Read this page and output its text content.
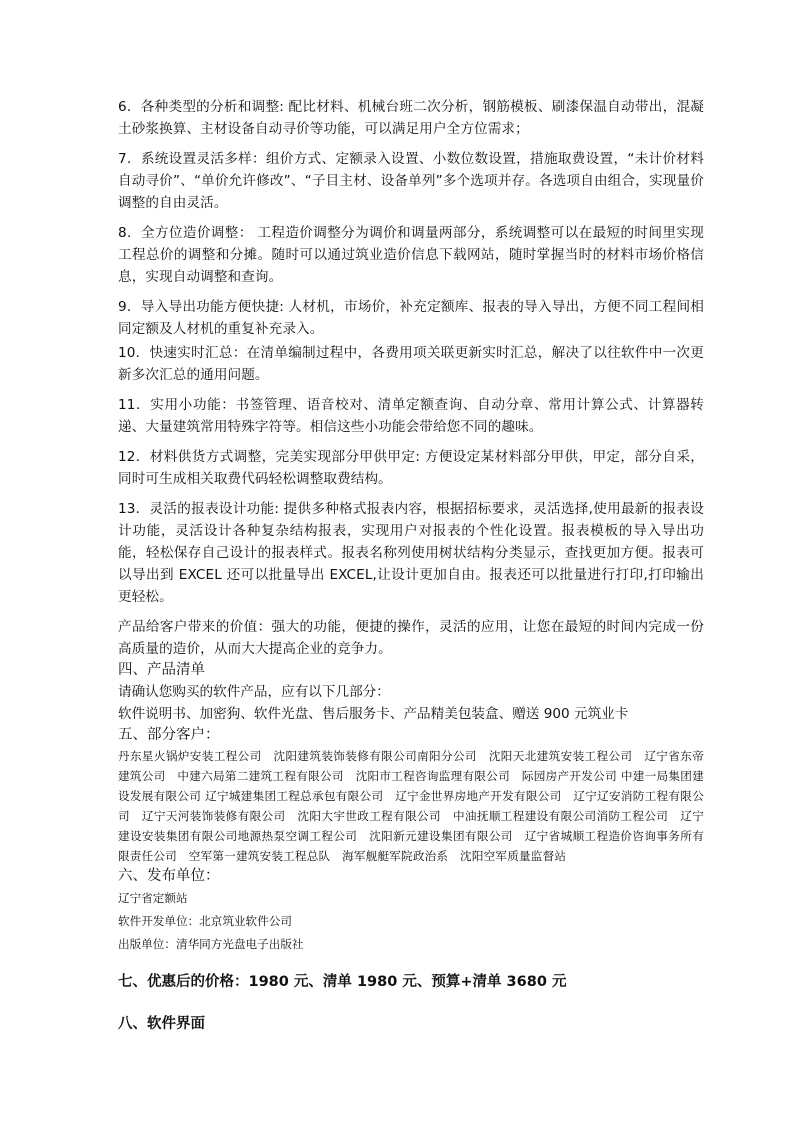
6．各种类型的分析和调整: 配比材料、机械台班二次分析，钢筋模板、刷漆保温自动带出，混凝土砂浆换算、主材设备自动寻价等功能，可以满足用户全方位需求；

7．系统设置灵活多样：组价方式、定额录入设置、小数位数设置，措施取费设置，“未计价材料自动寻价”、“单价允许修改”、“子目主材、设备单列”多个选项并存。各选项自由组合，实现量价调整的自由灵活。

8．全方位造价调整： 工程造价调整分为调价和调量两部分，系统调整可以在最短的时间里实现工程总价的调整和分摊。随时可以通过筑业造价信息下载网站，随时掌握当时的材料市场价格信息，实现自动调整和查询。

9．导入导出功能方便快捷: 人材机，市场价，补充定额库、报表的导入导出，方便不同工程间相同定额及人材机的重复补充录入。

10．快速实时汇总：在清单编制过程中，各费用项关联更新实时汇总，解决了以往软件中一次更新多次汇总的通用问题。

11．实用小功能：书签管理、语音校对、清单定额查询、自动分章、常用计算公式、计算器转递、大量建筑常用特殊字符等。相信这些小功能会带给您不同的趣味。

12．材料供货方式调整，完美实现部分甲供甲定: 方便设定某材料部分甲供，甲定，部分自采，同时可生成相关取费代码轻松调整取费结构。

13．灵活的报表设计功能: 提供多种格式报表内容，根据招标要求，灵活选择,使用最新的报表设计功能，灵活设计各种复杂结构报表，实现用户对报表的个性化设置。报表模板的导入导出功能，轻松保存自己设计的报表样式。报表名称列使用树状结构分类显示，查找更加方便。报表可以导出到 EXCEL 还可以批量导出 EXCEL,让设计更加自由。报表还可以批量进行打印,打印输出更轻松。

产品给客户带来的价值：强大的功能，便捷的操作，灵活的应用，让您在最短的时间内完成一份高质量的造价，从而大大提高企业的竞争力。

四、产品清单

请确认您购买的软件产品，应有以下几部分：

软件说明书、加密狗、软件光盘、售后服务卡、产品精美包装盒、赠送 900 元筑业卡

五、部分客户：

丹东星火锅炉安装工程公司　沈阳建筑装饰装修有限公司南阳分公司　沈阳天北建筑安装工程公司　辽宁省东帝建筑公司　中建六局第二建筑工程有限公司　沈阳市工程咨询监理有限公司　际园房产开发公司 中建一局集团建设发展有限公司 辽宁城建集团工程总承包有限公司　辽宁金世界房地产开发有限公司　辽宁辽安消防工程有限公司　辽宁天河装饰装修有限公司　沈阳大宇世政工程有限公司　中油抚顺工程建设有限公司消防工程公司　辽宁建设安装集团有限公司地源热泵空调工程公司　沈阳新元建设集团有限公司　辽宁省城顺工程造价咨询事务所有限责任公司　空军第一建筑安装工程总队　海军舰艇军院政治系　沈阳空军质量监督站

六、发布单位：

辽宁省定额站

软件开发单位：北京筑业软件公司

出版单位：清华同方光盘电子出版社

七、优惠后的价格：1980 元、清单 1980 元、预算+清单 3680 元

八、软件界面
